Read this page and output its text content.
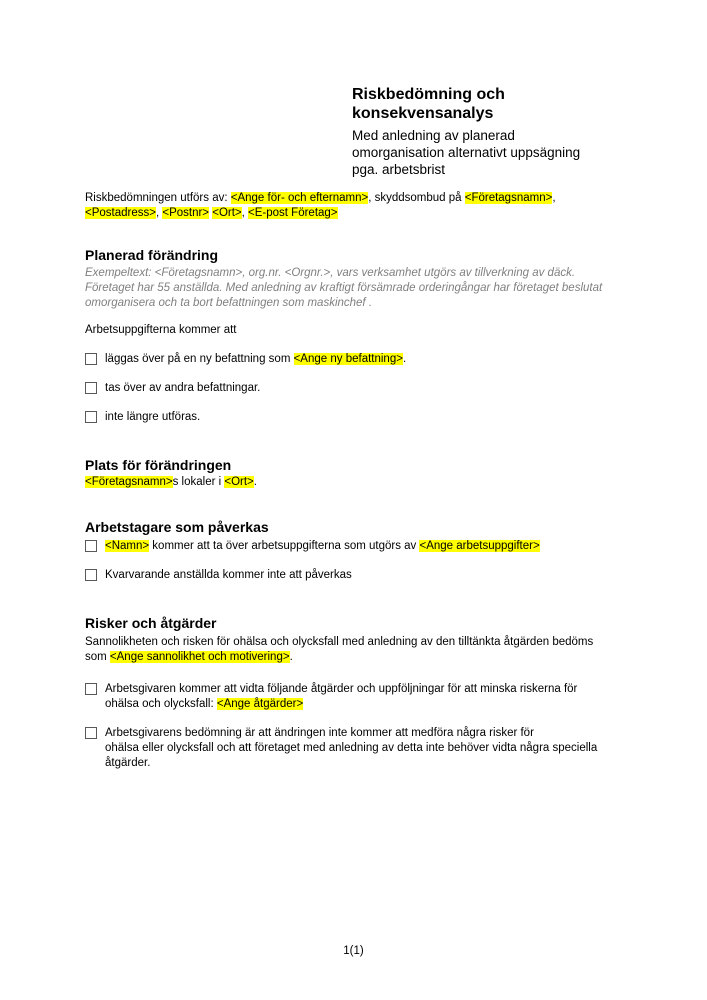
Riskbedömning och
konsekvensanalys
Med anledning av planerad
omorganisation alternativt uppsägning
pga. arbetsbrist
Riskbedömningen utförs av: <Ange för- och efternamn>, skyddsombud på <Företagsnamn>,
<Postadress>, <Postnr> <Ort>, <E-post Företag>
Planerad förändring
Exempeltext: <Företagsnamn>, org.nr. <Orgnr.>, vars verksamhet utgörs av tillverkning av däck.
Företaget har 55 anställda. Med anledning av kraftigt försämrade orderingångar har företaget beslutat
omorganisera och ta bort befattningen som maskinchef .
Arbetsuppgifterna kommer att
läggas över på en ny befattning som <Ange ny befattning>.
tas över av andra befattningar.
inte längre utföras.
Plats för förändringen
<Företagsnamn>s lokaler i <Ort>.
Arbetstagare som påverkas
<Namn> kommer att ta över arbetsuppgifterna som utgörs av <Ange arbetsuppgifter>
Kvarvarande anställda kommer inte att påverkas
Risker och åtgärder
Sannolikheten och risken för ohälsa och olycksfall med anledning av den tilltänkta åtgärden bedöms
som <Ange sannolikhet och motivering>.
Arbetsgivaren kommer att vidta följande åtgärder och uppföljningar för att minska riskerna för
ohälsa och olycksfall: <Ange åtgärder>
Arbetsgivarens bedömning är att ändringen inte kommer att medföra några risker för
ohälsa eller olycksfall och att företaget med anledning av detta inte behöver vidta några speciella
åtgärder.
1(1)
